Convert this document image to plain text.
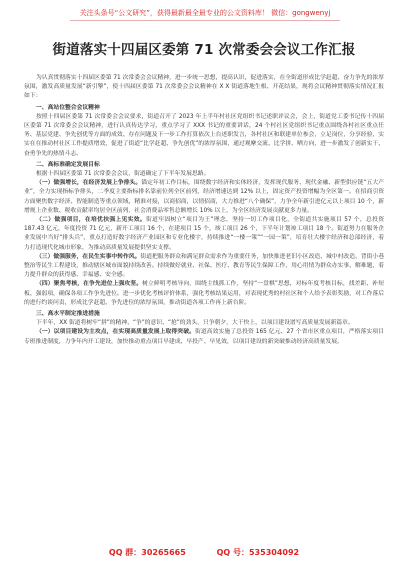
关注头条号“公文研究”，获得最新最全最专业的公文资料库！ 微信：gongwenyj
街道落实十四届区委第 71 次常委会会议工作汇报

为认真贯彻落实十四届区委第 71 次常委会会议精神，进一步统一思想，提高认识，促进落实，在全街道形成比学赶超、奋力争先的浓厚氛围，激发高质量发展“新引擎”，使十四届区委第 71 次常委会会议精神在 X X 街道落地生根、开花结果，现将会议精神贯彻落实情况汇报如下：

一、高站位整合会议精神

按照十四届区委第 71 次常委会会议要求，街道召开了 2023 年上半年村社区党组织书记述职评议会，会上，街道党工委书记传十四届区委第 71 次常委会会议精神，进行认真传达学习，重点学习了 XXX 书记的重要讲话，24 个村社区党组织书记重点围绕各村社区重点任务、基层党建、争先创优等方面的成效、存在问题及下一步工作打算依次上台述职发言，各村社区和联建单位参会，立足岗位，分享经验，实实在在推动村社区工作提质增效，促进了街道“比学赶超、争先创优”的浓厚氛围，通过观摩交流、比学拼、晒方向，进一步激发了创新实干、奋勇争先的热情斗志。

二、高标准确定发展目标

根据十四届区委第 71 次常委会会议，街道确定了下半年发展思路。

（一）做强增长，在经济发展上争排头。锚定年初工作目标，围绕数字经济和实体经济，发挥现代服务、现代金融、新型供应链“五大产业”，全力实现指标争排头，二季度主要指标排名靠前位列全区前列，经济增速达到 12% 以上，固定资产投资增幅为全区第一。在招商引资方面聚焦数字经济、智能制造等重点领域，精准对接，以商招商，以情招商，大力推进“八个确保”，力争全年新引进亿元以上项目 10 个，新增规上企业数、税收贡献率均居全区前列，社会消费品零售总额增长 10% 以上，为全区经济发展贡献更多力量。

（二）做强项目，在培优扶强上见实效。街道牢固树立“项目为王”理念，坚持一切工作项目化，全街道共实施项目 57 个，总投资 187.43 亿元，年度投资 71 亿元，新开工项目 16 个，在建项目 15 个，竣工项目 26 个，下半年计划竣工项目 18 个。街道努力在服务企业发展中当好“排头兵”，重点打造好数字经济产业园区和专业化楼宇，持续推进“一楼一策”“一园一策”，培育壮大楼宇经济和总部经济，着力打造现代化城市形象，为推动高质量发展提供坚实支撑。

（三）做强服务，在民生实事中转作风。街道把服务群众和满足群众需求作为重要任务，加快推进老旧小区改造、城中村改造、背街小巷整治等民生工程建设，推动辖区城市面貌持续改善。持续做好就业、社保、医疗、教育等民生保障工作，用心用情为群众办实事、解难题，着力提升群众的获得感、幸福感、安全感。

（四）聚焦考核，在争先进位上强攻坚。树立鲜明考核导向，围绕主线抓工作，坚持“一盘棋”思想，对标年度考核目标，找差距、补短板、强弱项，确保各项工作争先进位。进一步优化考核评价体系，强化考核结果运用，对表现优秀的村社区和个人给予表彰奖励，对工作落后的进行约谈问责，形成比学赶超、争先进位的浓厚氛围，推动街道各项工作再上新台阶。

三、高水平制定推进措施

下半年，XX 街道将树牢“拼”的精神、“争”的意识、“抢”的劲头，只争朝夕，大干快上，以项目建设谱写高质量发展新篇章。

（一）以项目建设为主攻点，在实现高质量发展上取得突破。街道高效实施了总投资 165 亿元、27 个省市区重点项目，严格落实项目专班推进制度，力争年内开工建设，加快推动重点项目早建成、早投产、早见效，以项目建设的新突破推动经济高质量发展。

QQ 群：30265665	QQ 号：535304092
